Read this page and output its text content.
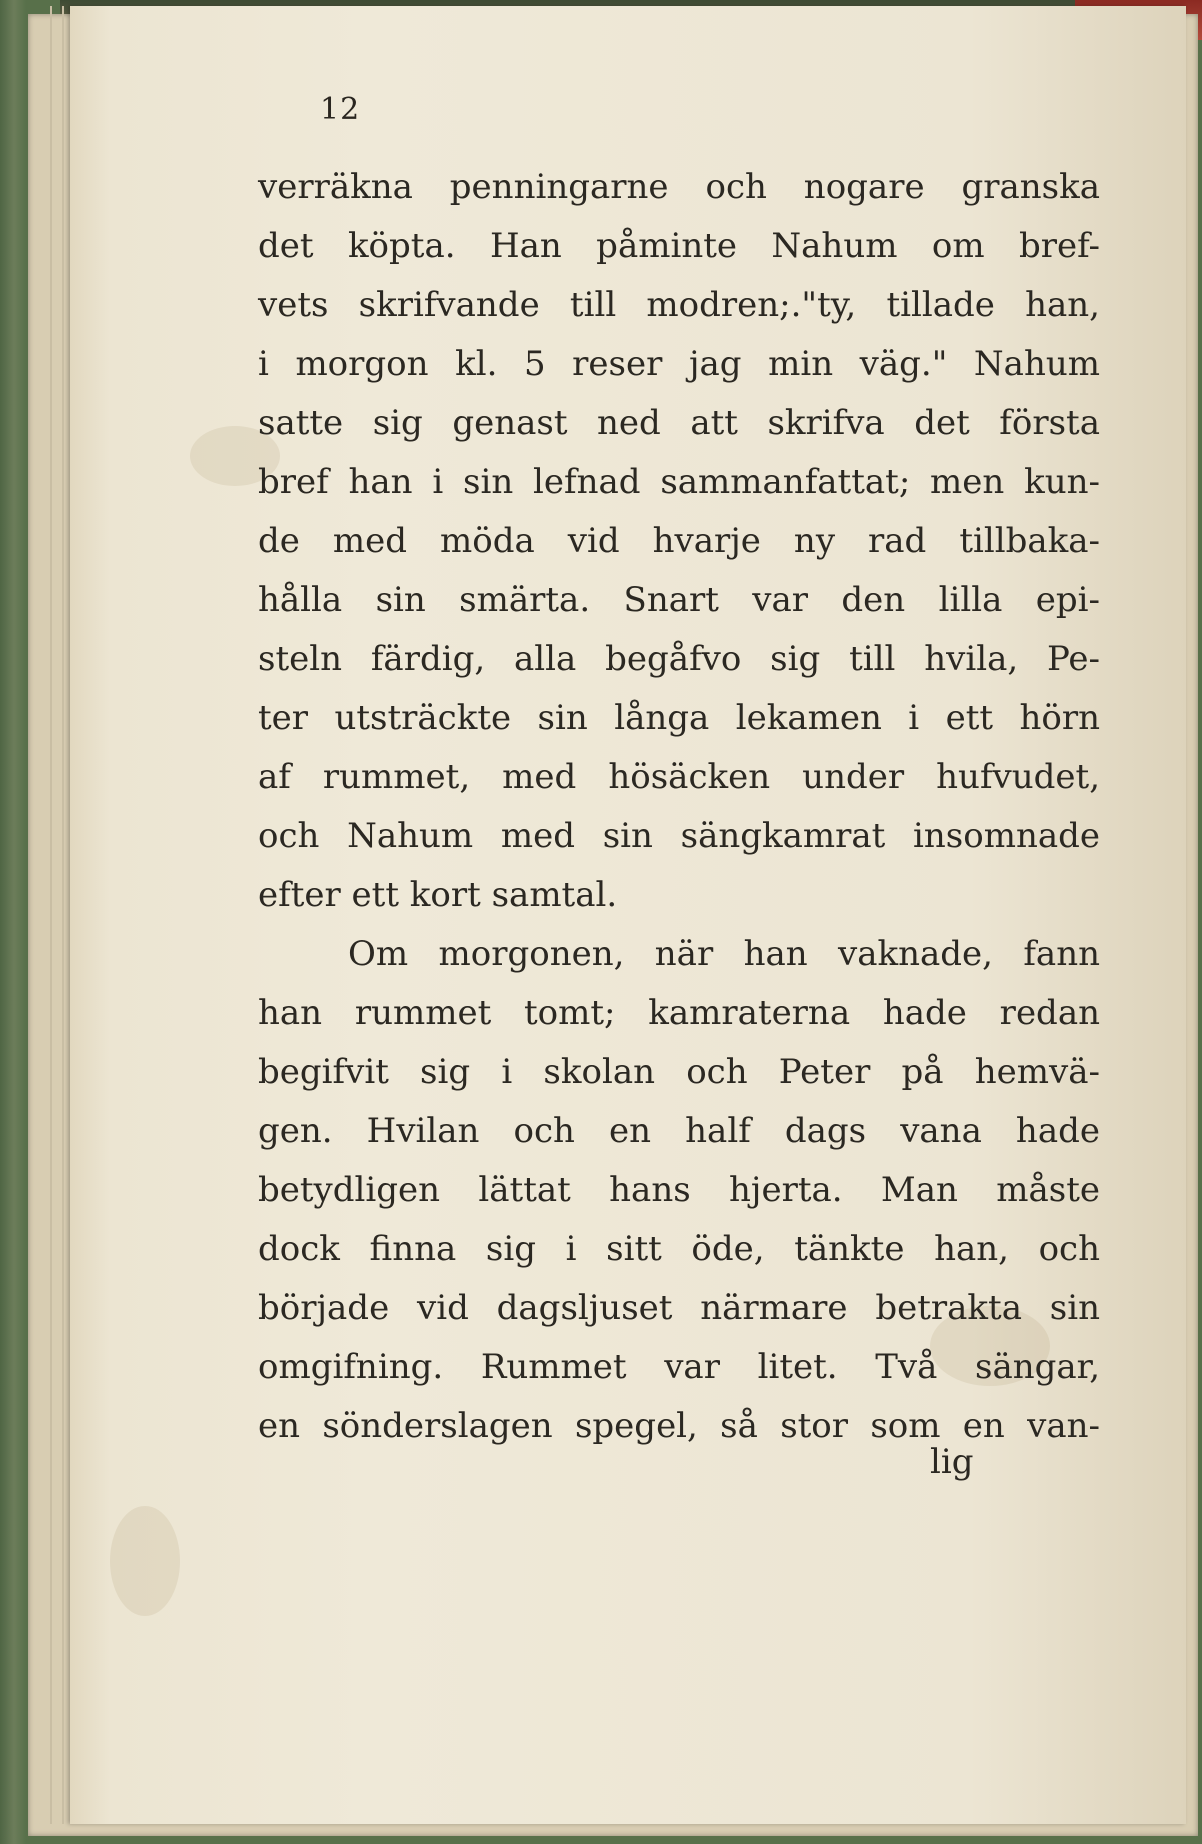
12
verräkna penningarne och nogare granska
det köpta. Han påminte Nahum om bref-
vets skrifvande till modren;."ty, tillade han,
i morgon kl. 5 reser jag min väg." Nahum
satte sig genast ned att skrifva det första
bref han i sin lefnad sammanfattat; men kun-
de med möda vid hvarje ny rad tillbaka-
hålla sin smärta. Snart var den lilla epi-
steln färdig, alla begåfvo sig till hvila, Pe-
ter utsträckte sin långa lekamen i ett hörn
af rummet, med hösäcken under hufvudet,
och Nahum med sin sängkamrat insomnade
efter ett kort samtal.
Om morgonen, när han vaknade, fann
han rummet tomt; kamraterna hade redan
begifvit sig i skolan och Peter på hemvä-
gen. Hvilan och en half dags vana hade
betydligen lättat hans hjerta. Man måste
dock finna sig i sitt öde, tänkte han, och
började vid dagsljuset närmare betrakta sin
omgifning. Rummet var litet. Två sängar,
en sönderslagen spegel, så stor som en van-
lig
